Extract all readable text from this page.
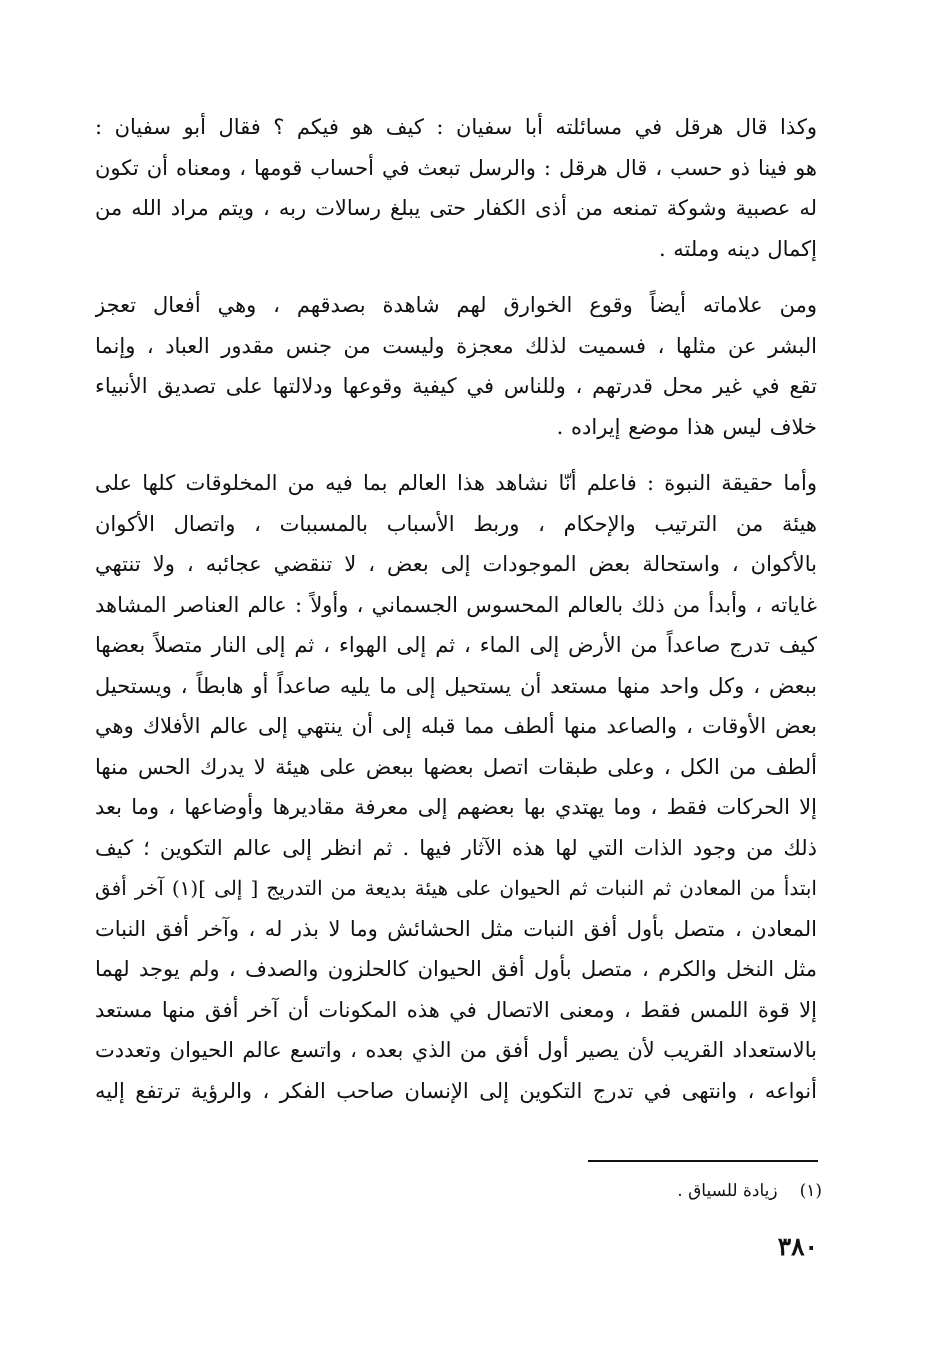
وكذا قال هرقل في مسائلته أبا سفيان : كيف هو فيكم ؟ فقال أبو سفيان :
هو فينا ذو حسب ، قال هرقل : والرسل تبعث في أحساب قومها ، ومعناه أن تكون
له عصبية وشوكة تمنعه من أذى الكفار حتى يبلغ رسالات ربه ، ويتم مراد الله من
إكمال دينه وملته .

ومن علاماته أيضاً وقوع الخوارق لهم شاهدة بصدقهم ، وهي أفعال تعجز
البشر عن مثلها ، فسميت لذلك معجزة وليست من جنس مقدور العباد ، وإنما
تقع في غير محل قدرتهم ، وللناس في كيفية وقوعها ودلالتها على تصديق الأنبياء
خلاف ليس هذا موضع إيراده .

وأما حقيقة النبوة : فاعلم أنّا نشاهد هذا العالم بما فيه من المخلوقات كلها على
هيئة من الترتيب والإحكام ، وربط الأسباب بالمسببات ، واتصال الأكوان
بالأكوان ، واستحالة بعض الموجودات إلى بعض ، لا تنقضي عجائبه ، ولا تنتهي
غاياته ، وأبدأ من ذلك بالعالم المحسوس الجسماني ، وأولاً : عالم العناصر المشاهد
كيف تدرج صاعداً من الأرض إلى الماء ، ثم إلى الهواء ، ثم إلى النار متصلاً بعضها
ببعض ، وكل واحد منها مستعد أن يستحيل إلى ما يليه صاعداً أو هابطاً ، ويستحيل
بعض الأوقات ، والصاعد منها ألطف مما قبله إلى أن ينتهي إلى عالم الأفلاك وهي
ألطف من الكل ، وعلى طبقات اتصل بعضها ببعض على هيئة لا يدرك الحس منها
إلا الحركات فقط ، وما يهتدي بها بعضهم إلى معرفة مقاديرها وأوضاعها ، وما بعد
ذلك من وجود الذات التي لها هذه الآثار فيها . ثم انظر إلى عالم التكوين ؛ كيف
ابتدأ من المعادن ثم النبات ثم الحيوان على هيئة بديعة من التدريج [ إلى ](١) آخر أفق
المعادن ، متصل بأول أفق النبات مثل الحشائش وما لا بذر له ، وآخر أفق النبات
مثل النخل والكرم ، متصل بأول أفق الحيوان كالحلزون والصدف ، ولم يوجد لهما
إلا قوة اللمس فقط ، ومعنى الاتصال في هذه المكونات أن آخر أفق منها مستعد
بالاستعداد القريب لأن يصير أول أفق من الذي بعده ، واتسع عالم الحيوان وتعددت
أنواعه ، وانتهى في تدرج التكوين إلى الإنسان صاحب الفكر ، والرؤية ترتفع إليه

(١)زيادة للسياق .
٣٨٠
